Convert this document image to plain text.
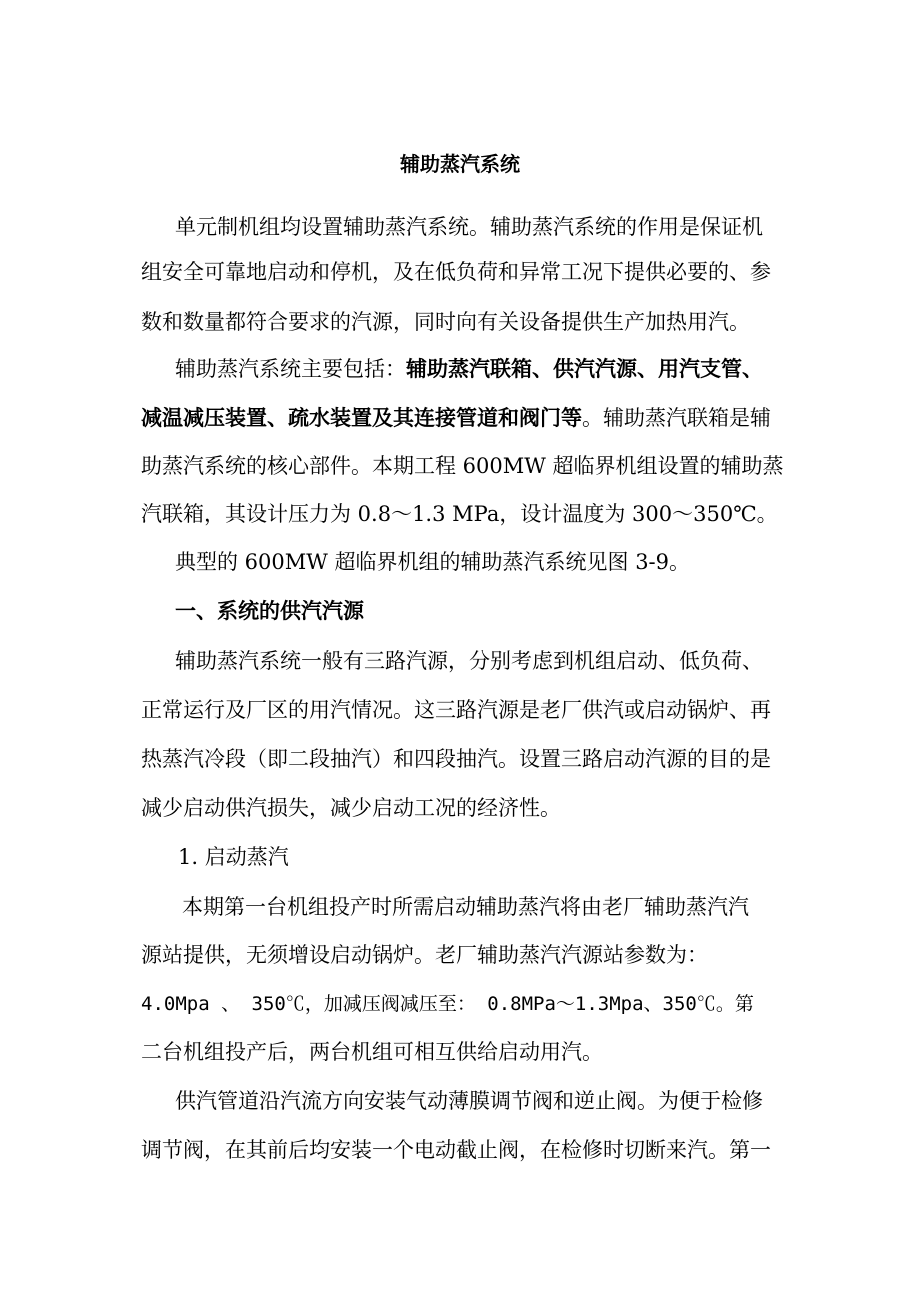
辅助蒸汽系统
单元制机组均设置辅助蒸汽系统。辅助蒸汽系统的作用是保证机
组安全可靠地启动和停机，及在低负荷和异常工况下提供必要的、参
数和数量都符合要求的汽源，同时向有关设备提供生产加热用汽。
辅助蒸汽系统主要包括：辅助蒸汽联箱、供汽汽源、用汽支管、
减温减压装置、疏水装置及其连接管道和阀门等。辅助蒸汽联箱是辅
助蒸汽系统的核心部件。本期工程 600MW 超临界机组设置的辅助蒸
汽联箱，其设计压力为 0.8～1.3 MPa，设计温度为 300～350℃。
典型的 600MW 超临界机组的辅助蒸汽系统见图 3-9。
一、系统的供汽汽源
辅助蒸汽系统一般有三路汽源，分别考虑到机组启动、低负荷、
正常运行及厂区的用汽情况。这三路汽源是老厂供汽或启动锅炉、再
热蒸汽冷段（即二段抽汽）和四段抽汽。设置三路启动汽源的目的是
减少启动供汽损失，减少启动工况的经济性。
1. 启动蒸汽
本期第一台机组投产时所需启动辅助蒸汽将由老厂辅助蒸汽汽
源站提供，无须增设启动锅炉。老厂辅助蒸汽汽源站参数为：
4.0Mpa 、 350℃，加减压阀减压至： 0.8MPa～1.3Mpa、350℃。第
二台机组投产后，两台机组可相互供给启动用汽。
供汽管道沿汽流方向安装气动薄膜调节阀和逆止阀。为便于检修
调节阀，在其前后均安装一个电动截止阀，在检修时切断来汽。第一
